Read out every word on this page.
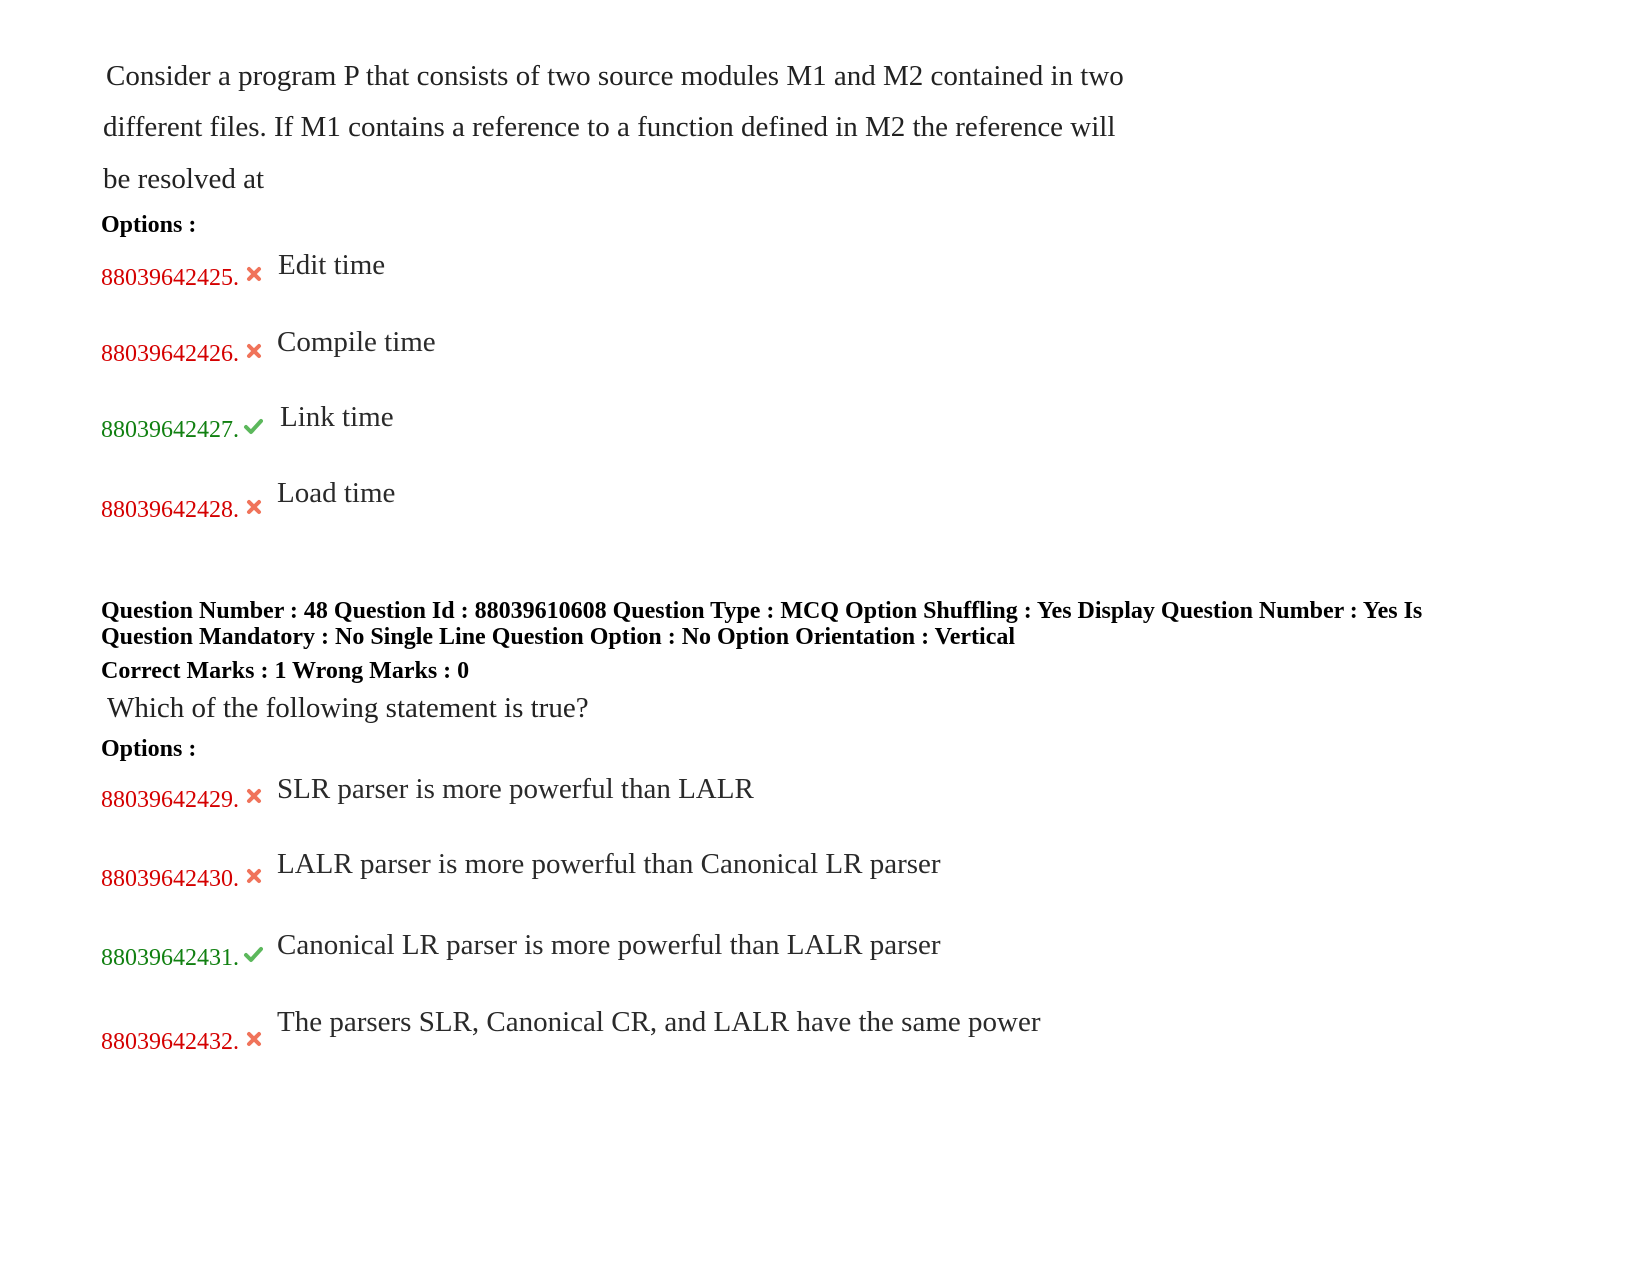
Consider a program P that consists of two source modules M1 and M2 contained in two
different files. If M1 contains a reference to a function defined in M2 the reference will
be resolved at
Options :
88039642425. Edit time
88039642426. Compile time
88039642427. Link time
88039642428.
Load time
Question Number : 48 Question Id : 88039610608 Question Type : MCQ Option Shuffling : Yes Display Question Number : Yes Is
Question Mandatory : No Single Line Question Option : No Option Orientation : Vertical
Correct Marks : 1 Wrong Marks : 0
Which of the following statement is true?
Options :
88039642429. SLR parser is more powerful than LALR
88039642430. LALR parser is more powerful than Canonical LR parser
88039642431. Canonical LR parser is more powerful than LALR parser
88039642432.
The parsers SLR, Canonical CR, and LALR have the same power
